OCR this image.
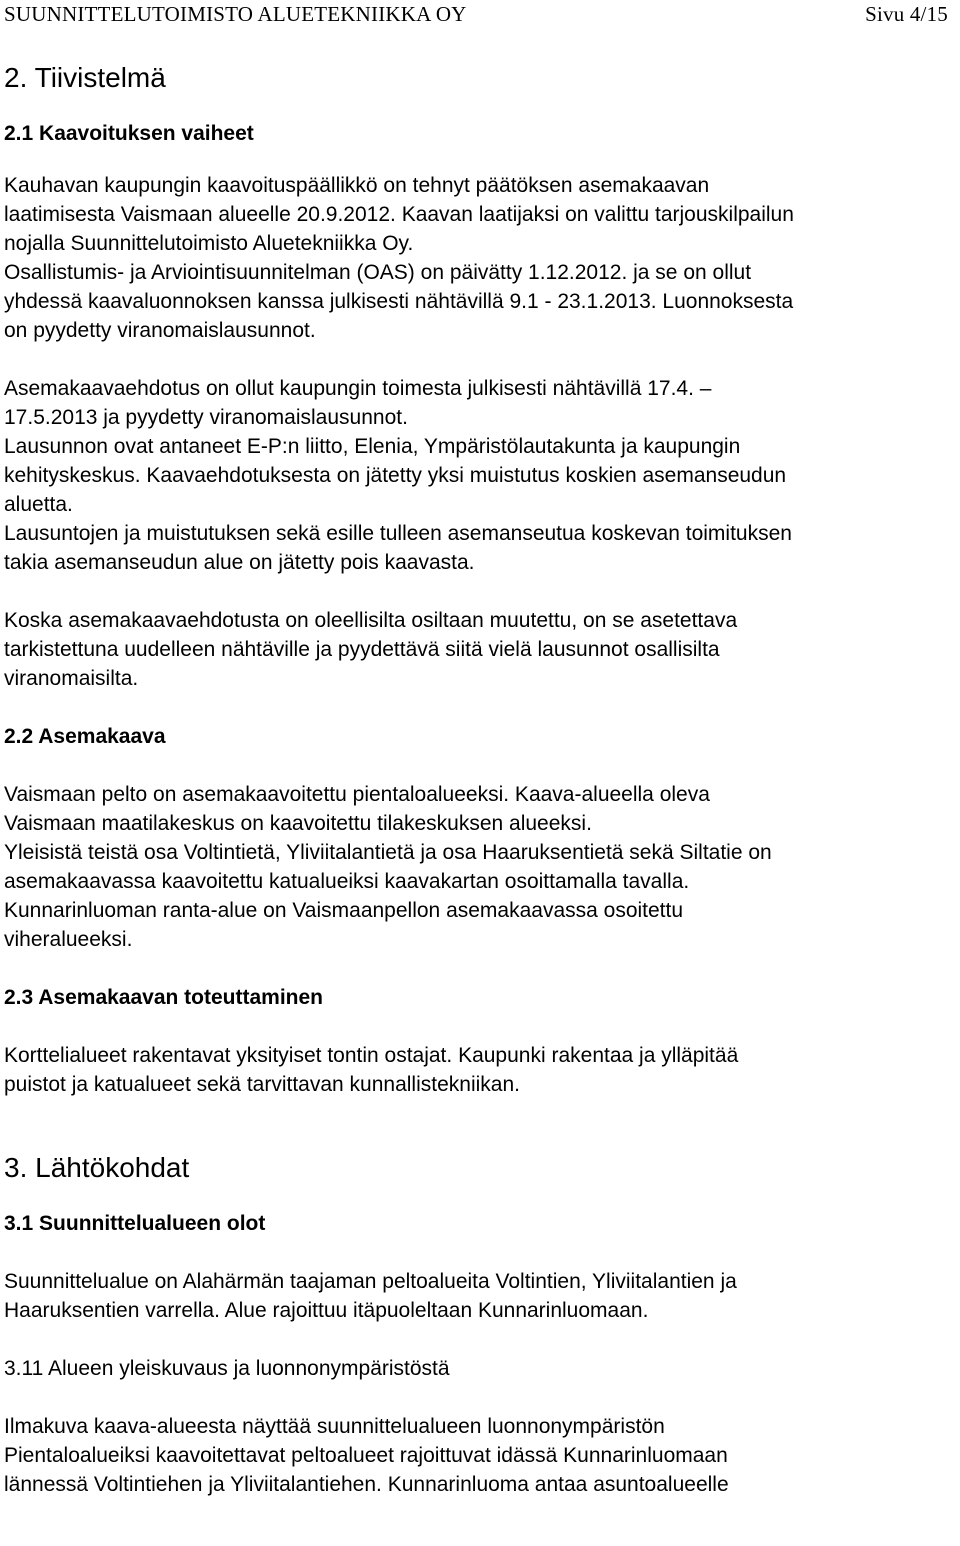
SUUNNITTELUTOIMISTO ALUETEKNIIKKA OY	Sivu 4/15
2. Tiivistelmä
2.1 Kaavoituksen vaiheet

Kauhavan kaupungin kaavoituspäällikkö on tehnyt päätöksen asemakaavan

laatimisesta Vaismaan alueelle 20.9.2012. Kaavan laatijaksi on valittu tarjouskilpailun

nojalla Suunnittelutoimisto Aluetekniikka Oy.

Osallistumis- ja Arviointisuunnitelman (OAS) on päivätty 1.12.2012. ja se on ollut

yhdessä kaavaluonnoksen kanssa julkisesti nähtävillä 9.1 - 23.1.2013. Luonnoksesta

on pyydetty viranomaislausunnot.

Asemakaavaehdotus on ollut kaupungin toimesta julkisesti nähtävillä 17.4. –

17.5.2013 ja pyydetty viranomaislausunnot.

Lausunnon ovat antaneet E-P:n liitto, Elenia, Ympäristölautakunta ja kaupungin

kehityskeskus. Kaavaehdotuksesta on jätetty yksi muistutus koskien asemanseudun

aluetta.

Lausuntojen ja muistutuksen sekä esille tulleen asemanseutua koskevan toimituksen

takia asemanseudun alue on jätetty pois kaavasta.

Koska asemakaavaehdotusta on oleellisilta osiltaan muutettu, on se asetettava

tarkistettuna uudelleen nähtäville ja pyydettävä siitä vielä lausunnot osallisilta

viranomaisilta.

2.2 Asemakaava

Vaismaan pelto on asemakaavoitettu pientaloalueeksi. Kaava-alueella oleva

Vaismaan maatilakeskus on kaavoitettu tilakeskuksen alueeksi.

Yleisistä teistä osa Voltintietä, Yliviitalantietä ja osa Haaruksentietä sekä Siltatie on

asemakaavassa kaavoitettu katualueiksi kaavakartan osoittamalla tavalla.

Kunnarinluoman ranta-alue on Vaismaanpellon asemakaavassa osoitettu

viheralueeksi.

2.3 Asemakaavan toteuttaminen

Korttelialueet rakentavat yksityiset tontin ostajat. Kaupunki rakentaa ja ylläpitää

puistot ja katualueet sekä tarvittavan kunnallistekniikan.

3. Lähtökohdat
3.1 Suunnittelualueen olot

Suunnittelualue on Alahärmän taajaman peltoalueita Voltintien, Yliviitalantien ja

Haaruksentien varrella. Alue rajoittuu itäpuoleltaan Kunnarinluomaan.

3.11 Alueen yleiskuvaus ja luonnonympäristöstä

Ilmakuva kaava-alueesta näyttää suunnittelualueen luonnonympäristön

Pientaloalueiksi kaavoitettavat peltoalueet rajoittuvat idässä Kunnarinluomaan

lännessä Voltintiehen ja Yliviitalantiehen. Kunnarinluoma antaa asuntoalueelle
